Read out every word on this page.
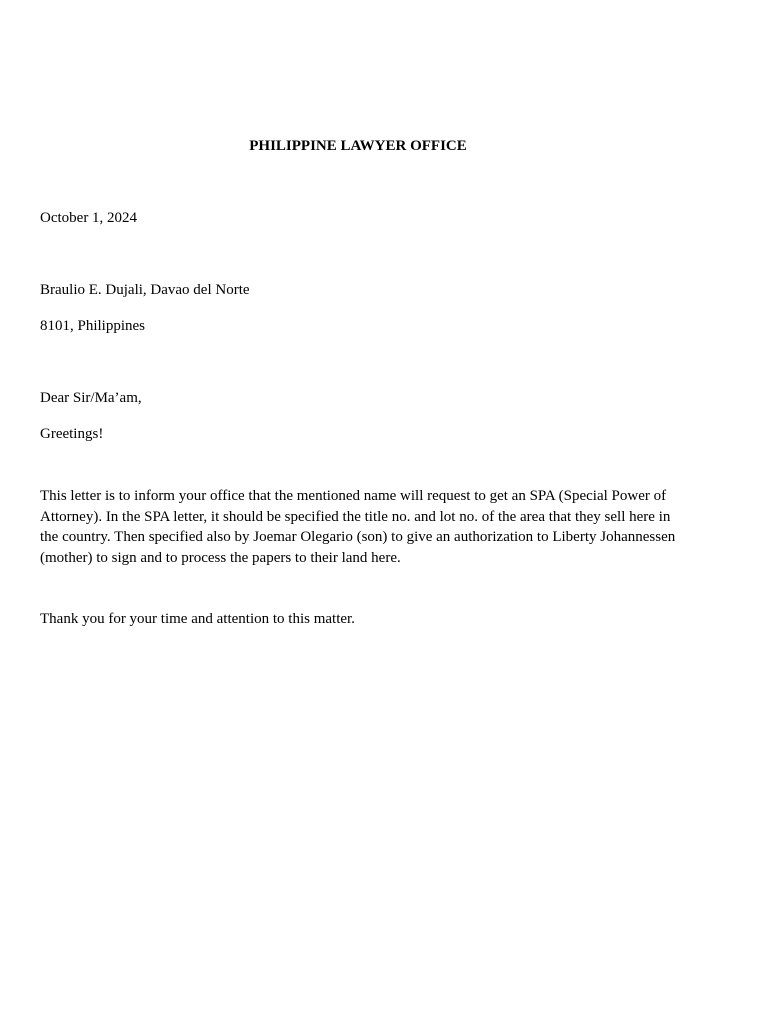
PHILIPPINE LAWYER OFFICE

October 1, 2024

Braulio E. Dujali, Davao del Norte

8101, Philippines

Dear Sir/Ma’am,

Greetings!

This letter is to inform your office that the mentioned name will request to get an SPA (Special Power of Attorney). In the SPA letter, it should be specified the title no. and lot no. of the area that they sell here in the country. Then specified also by Joemar Olegario (son) to give an authorization to Liberty Johannessen (mother) to sign and to process the papers to their land here.

Thank you for your time and attention to this matter.
